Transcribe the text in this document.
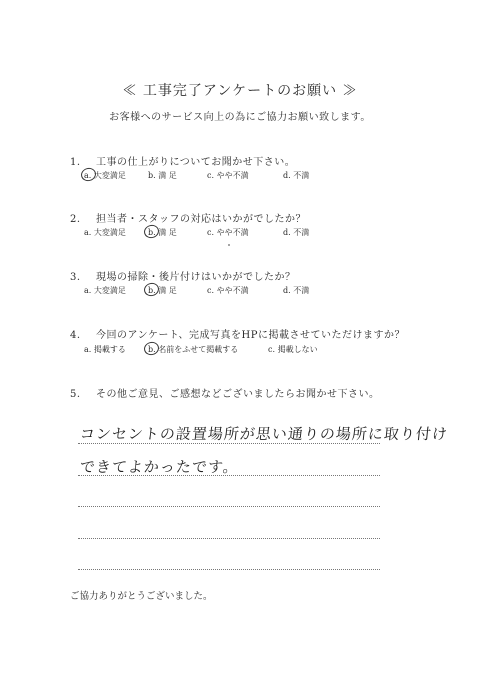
≪ 工事完了アンケートのお願い ≫
お客様へのサービス向上の為にご協力お願い致します。
1. 工事の仕上がりについてお聞かせ下さい。
a. 大変満足	b. 満 足	c. やや不満	d. 不満
2. 担当者・スタッフの対応はいかがでしたか？
a. 大変満足	b. 満 足	c. やや不満	d. 不満
3. 現場の掃除・後片付けはいかがでしたか？
a. 大変満足	b. 満 足	c. やや不満	d. 不満
4. 今回のアンケート、完成写真をHPに掲載させていただけますか？
a. 掲載する	b. 名前をふせて掲載する	c. 掲載しない
5. その他ご意見、ご感想などございましたらお聞かせ下さい。
コンセントの設置場所が思い通りの場所に取り付け
できてよかったです。
ご協力ありがとうございました。
